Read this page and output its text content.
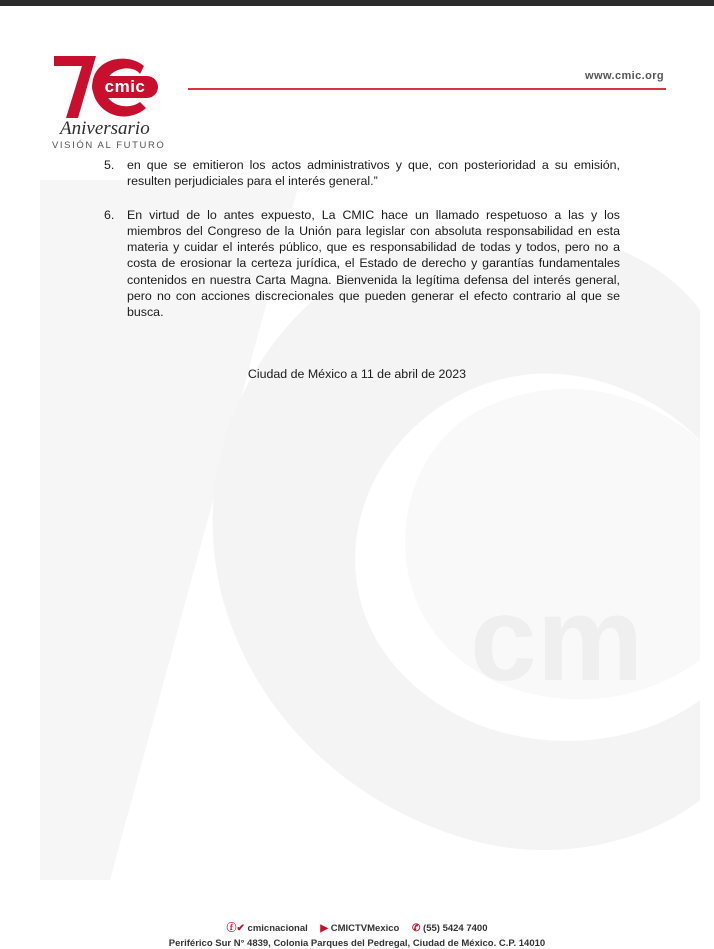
cm
cmic
Aniversario
VISIÓN AL FUTURO
www.cmic.org
5.	en que se emitieron los actos administrativos y que, con posterioridad a su emisión, resulten perjudiciales para el interés general.”
6.	En virtud de lo antes expuesto, La CMIC hace un llamado respetuoso a las y los miembros del Congreso de la Unión para legislar con absoluta responsabilidad en esta materia y cuidar el interés público, que es responsabilidad de todas y todos, pero no a costa de erosionar la certeza jurídica, el Estado de derecho y garantías fundamentales contenidos en nuestra Carta Magna. Bienvenida la legítima defensa del interés general, pero no con acciones discrecionales que pueden generar el efecto contrario al que se busca.
Ciudad de México a 11 de abril de 2023
ⓕ✔ cmicnacional ▶ CMICTVMexico ✆ (55) 5424 7400
Periférico Sur N° 4839, Colonia Parques del Pedregal, Ciudad de México. C.P. 14010
